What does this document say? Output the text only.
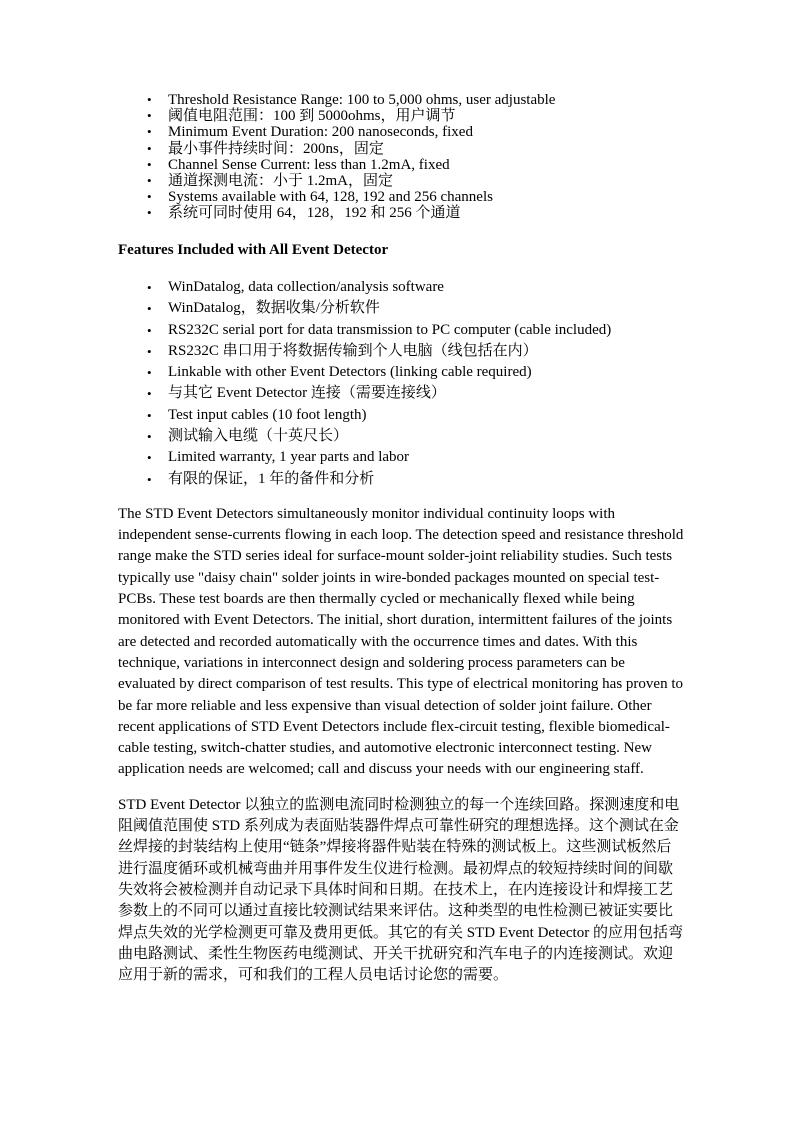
• Threshold Resistance Range: 100 to 5,000 ohms, user adjustable
• 阈值电阻范围：100 到 5000ohms，用户调节
• Minimum Event Duration: 200 nanoseconds, fixed
• 最小事件持续时间：200ns，固定
• Channel Sense Current: less than 1.2mA, fixed
• 通道探测电流：小于 1.2mA，固定
• Systems available with 64, 128, 192 and 256 channels
• 系统可同时使用 64，128，192 和 256 个通道
Features Included with All Event Detector
• WinDatalog, data collection/analysis software
• WinDatalog，数据收集/分析软件
• RS232C serial port for data transmission to PC computer (cable included)
• RS232C 串口用于将数据传输到个人电脑（线包括在内）
• Linkable with other Event Detectors (linking cable required)
• 与其它 Event Detector 连接（需要连接线）
• Test input cables (10 foot length)
• 测试输入电缆（十英尺长）
• Limited warranty, 1 year parts and labor
• 有限的保证，1 年的备件和分析

The STD Event Detectors simultaneously monitor individual continuity loops with independent sense-currents flowing in each loop. The detection speed and resistance threshold range make the STD series ideal for surface-mount solder-joint reliability studies. Such tests typically use "daisy chain" solder joints in wire-bonded packages mounted on special test-PCBs. These test boards are then thermally cycled or mechanically flexed while being monitored with Event Detectors. The initial, short duration, intermittent failures of the joints are detected and recorded automatically with the occurrence times and dates. With this technique, variations in interconnect design and soldering process parameters can be evaluated by direct comparison of test results. This type of electrical monitoring has proven to be far more reliable and less expensive than visual detection of solder joint failure. Other recent applications of STD Event Detectors include flex-circuit testing, flexible biomedical-cable testing, switch-chatter studies, and automotive electronic interconnect testing. New application needs are welcomed; call and discuss your needs with our engineering staff.

STD Event Detector 以独立的监测电流同时检测独立的每一个连续回路。探测速度和电阻阈值范围使 STD 系列成为表面贴装器件焊点可靠性研究的理想选择。这个测试在金丝焊接的封装结构上使用“链条”焊接将器件贴装在特殊的测试板上。这些测试板然后进行温度循环或机械弯曲并用事件发生仪进行检测。最初焊点的较短持续时间的间歇失效将会被检测并自动记录下具体时间和日期。在技术上，在内连接设计和焊接工艺参数上的不同可以通过直接比较测试结果来评估。这种类型的电性检测已被证实要比焊点失效的光学检测更可靠及费用更低。其它的有关 STD Event Detector 的应用包括弯曲电路测试、柔性生物医药电缆测试、开关干扰研究和汽车电子的内连接测试。欢迎应用于新的需求，可和我们的工程人员电话讨论您的需要。
